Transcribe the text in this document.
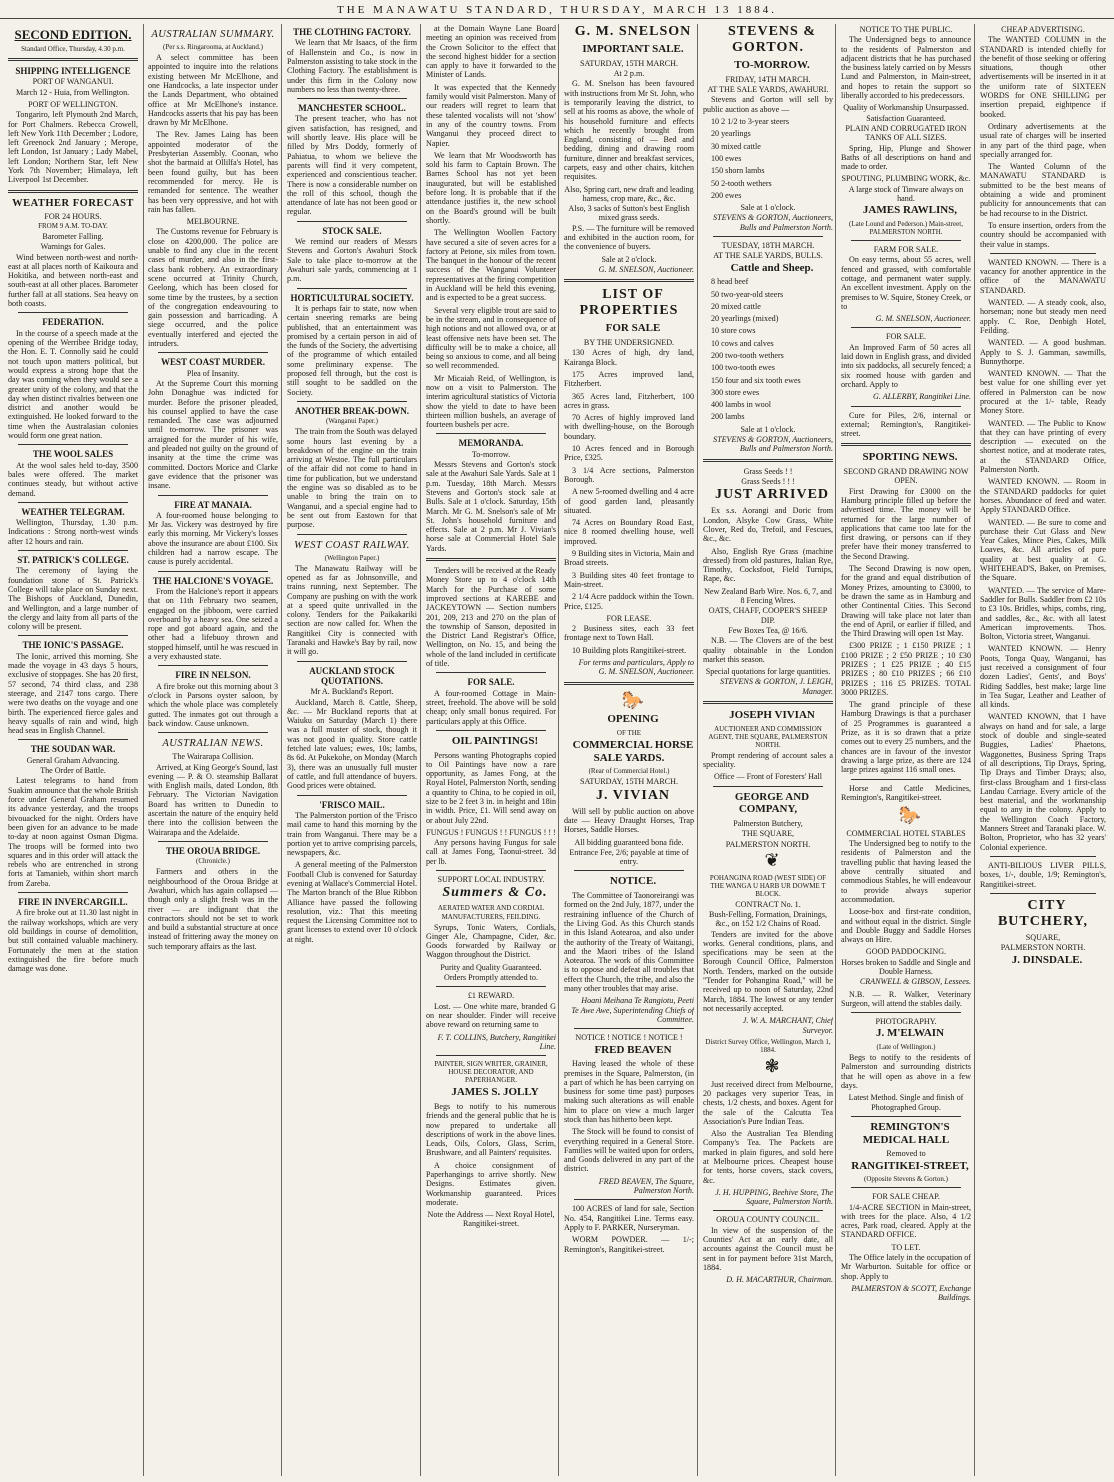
THE MANAWATU STANDARD, THURSDAY, MARCH 13 1884.
SECOND EDITION.

Standard Office, Thursday, 4.30 p.m.

SHIPPING INTELLIGENCE

PORT OF WANGANUI.

March 12 - Huia, from Wellington.

PORT OF WELLINGTON.

Tongariro, left Plymouth 2nd March, for Port Chalmers. Rebecca Crowell, left New York 11th December ; Lodore, left Greenock 2nd January ; Merope, left London, 1st January ; Lady Mabel, left London; Northern Star, left New York 7th November; Himalaya, left Liverpool 1st December.

WEATHER FORECAST

FOR 24 HOURS.

FROM 9 A.M. TO-DAY.

Barometer Falling.

Warnings for Gales.

Wind between north-west and north-east at all places north of Kaikoura and Hokitika, and between north-east and south-east at all other places. Barometer further fall at all stations. Sea heavy on both coasts.

FEDERATION.

In the course of a speech made at the opening of the Werribee Bridge today, the Hon. E. T. Connolly said he could not touch upon matters political, but would express a strong hope that the day was coming when they would see a greater unity of the colony, and that the day when distinct rivalries between one district and another would be extinguished. He looked forward to the time when the Australasian colonies would form one great nation.

THE WOOL SALES

At the wool sales held to-day, 3500 bales were offered. The market continues steady, but without active demand.

WEATHER TELEGRAM.

Wellington, Thursday, 1.30 p.m. Indications : Strong north-west winds after 12 hours and rain.

ST. PATRICK'S COLLEGE.

The ceremony of laying the foundation stone of St. Patrick's College will take place on Sunday next. The Bishops of Auckland, Dunedin, and Wellington, and a large number of the clergy and laity from all parts of the colony will be present.

THE IONIC'S PASSAGE.

The Ionic, arrived this morning. She made the voyage in 43 days 5 hours, exclusive of stoppages. She has 20 first, 57 second, 74 third class, and 238 steerage, and 2147 tons cargo. There were two deaths on the voyage and one birth. The experienced fierce gales and heavy squalls of rain and wind, high head seas in English Channel.

THE SOUDAN WAR.

General Graham Advancing.

The Order of Battle.

Latest telegrams to hand from Suakim announce that the whole British force under General Graham resumed its advance yesterday, and the troops bivouacked for the night. Orders have been given for an advance to be made to-day at noon against Osman Digma. The troops will be formed into two squares and in this order will attack the rebels who are entrenched in strong forts at Tamanieb, within short march from Zareba.

FIRE IN INVERCARGILL.

A fire broke out at 11.30 last night in the railway workshops, which are very old buildings in course of demolition, but still contained valuable machinery. Fortunately the men at the station extinguished the fire before much damage was done.

AUSTRALIAN SUMMARY.

(Per s.s. Ringarooma, at Auckland.)

A select committee has been appointed to inquire into the relations existing between Mr McElhone, and one Handcocks, a late inspector under the Lands Department, who obtained office at Mr McElhone's instance. Handcocks asserts that his pay has been drawn by Mr McElhone.

The Rev. James Laing has been appointed moderator of the Presbyterian Assembly. Coonan, who shot the barmaid at Ollilfa's Hotel, has been found guilty, but has been recommended for mercy. He is remanded for sentence. The weather has been very oppressive, and hot with rain has fallen.

MELBOURNE.

The Customs revenue for February is close on 4200,000. The police are unable to find any clue in the recent cases of murder, and also in the first-class bank robbery. An extraordinary scene occurred at Trinity Church, Geelong, which has been closed for some time by the trustees, by a section of the congregation endeavouring to gain possession and barricading. A siege occurred, and the police eventually interfered and ejected the intruders.

WEST COAST MURDER.

Plea of Insanity.

At the Supreme Court this morning John Donaghue was indicted for murder. Before the prisoner pleaded, his counsel applied to have the case remanded. The case was adjourned until to-morrow. The prisoner was arraigned for the murder of his wife, and pleaded not guilty on the ground of insanity at the time the crime was committed. Doctors Morice and Clarke gave evidence that the prisoner was insane.

FIRE AT MANAIA.

A four-roomed house belonging to Mr Jas. Vickery was destroyed by fire early this morning. Mr Vickery's losses above the insurance are about £100. Six children had a narrow escape. The cause is purely accidental.

THE HALCIONE'S VOYAGE.

From the Halcione's report it appears that on 11th February two seamen, engaged on the jibboom, were carried overboard by a heavy sea. One seized a rope and got aboard again, and the other had a lifebuoy thrown and stopped himself, until he was rescued in a very exhausted state.

FIRE IN NELSON.

A fire broke out this morning about 3 o'clock in Parsons oyster saloon, by which the whole place was completely gutted. The inmates got out through a back window. Cause unknown.

AUSTRALIAN NEWS.

The Wairarapa Collision.

Arrived, at King George's Sound, last evening — P. & O. steamship Ballarat with English mails, dated London, 8th February. The Victorian Navigation Board has written to Dunedin to ascertain the nature of the enquiry held there into the collision between the Wairarapa and the Adelaide.

THE OROUA BRIDGE.

(Chronicle.)

Farmers and others in the neighbourhood of the Oroua Bridge at Awahuri, which has again collapsed — though only a slight fresh was in the river — are indignant that the contractors should not be set to work and build a substantial structure at once instead of frittering away the money on such temporary affairs as the last.

THE CLOTHING FACTORY.

We learn that Mr Isaacs, of the firm of Hallenstein and Co., is now in Palmerston assisting to take stock in the Clothing Factory. The establishment is under this firm in the Colony now numbers no less than twenty-three.

MANCHESTER SCHOOL.

The present teacher, who has not given satisfaction, has resigned, and will shortly leave. His place will be filled by Mrs Doddy, formerly of Pahiatua, to whom we believe the parents will find it very competent, experienced and conscientious teacher. There is now a considerable number on the roll of this school, though the attendance of late has not been good or regular.

STOCK SALE.

We remind our readers of Messrs Stevens and Gorton's Awahuri Stock Sale to take place to-morrow at the Awahuri sale yards, commencing at 1 p.m.

HORTICULTURAL SOCIETY.

It is perhaps fair to state, now when certain sneering remarks are being published, that an entertainment was promised by a certain person in aid of the funds of the Society, the advertising of the programme of which entailed some preliminary expense. The proposed fell through, but the cost is still sought to be saddled on the Society.

ANOTHER BREAK-DOWN.

(Wanganui Paper.)

The train from the South was delayed some hours last evening by a breakdown of the engine on the train arriving at Westoe. The full particulars of the affair did not come to hand in time for publication, but we understand the engine was so disabled as to be unable to bring the train on to Wanganui, and a special engine had to be sent out from Eastown for that purpose.

WEST COAST RAILWAY.

(Wellington Paper.)

The Manawatu Railway will be opened as far as Johnsonville, and trains running, next September. The Company are pushing on with the work at a speed quite unrivalled in the colony. Tenders for the Paikakariki section are now called for. When the Rangitikei City is connected with Taranaki and Hawke's Bay by rail, now it will go.

AUCKLAND STOCK QUOTATIONS.

Mr A. Buckland's Report.

Auckland, March 8. Cattle, Sheep, &c. — Mr Buckland reports that at Waiuku on Saturday (March 1) there was a full muster of stock, though it was not good in quality. Store cattle fetched late values; ewes, 10s; lambs, 8s 6d. At Pukekohe, on Monday (March 3), there was an unusually full muster of cattle, and full attendance of buyers. Good prices were obtained.

'FRISCO MAIL.

The Palmerston portion of the 'Frisco mail came to hand this morning by the train from Wanganui. There may be a portion yet to arrive comprising parcels, newspapers, &c.

A general meeting of the Palmerston Football Club is convened for Saturday evening at Wallace's Commercial Hotel. The Marton branch of the Blue Ribbon Alliance have passed the following resolution, viz.: That this meeting request the Licensing Committee not to grant licenses to extend over 10 o'clock at night.

at the Domain Wayne Lane Board meeting an opinion was received from the Crown Solicitor to the effect that the second highest bidder for a section can apply to have it forwarded to the Minister of Lands.

It was expected that the Kennedy family would visit Palmerston. Many of our readers will regret to learn that these talented vocalists will not 'show' in any of the country towns. From Wanganui they proceed direct to Napier.

We learn that Mr Woodsworth has sold his farm to Captain Brown. The Barnes School has not yet been inaugurated, but will be established before long. It is probable that if the attendance justifies it, the new school on the Board's ground will be built shortly.

The Wellington Woollen Factory have secured a site of seven acres for a factory at Petone, six miles from town. The banquet in the honour of the recent success of the Wanganui Volunteer representatives at the firing competition in Auckland will be held this evening, and is expected to be a great success.

Several very eligible trout are said to be in the stream, and in consequence of high notions and not allowed ova, or at least offensive nets have been set. The difficulty will be to make a choice, all being so anxious to come, and all being so well recommended.

Mr Micaiah Reid, of Wellington, is now on a visit to Palmerston. The interim agricultural statistics of Victoria show the yield to date to have been thirteen million bushels, an average of fourteen bushels per acre.

MEMORANDA.

To-morrow.

Messrs Stevens and Gorton's stock sale at the Awahuri Sale Yards. Sale at 1 p.m. Tuesday, 18th March. Messrs Stevens and Gorton's stock sale at Bulls. Sale at 1 o'clock. Saturday, 15th March. Mr G. M. Snelson's sale of Mr St. John's household furniture and effects. Sale at 2 p.m. Mr J. Vivian's horse sale at Commercial Hotel Sale Yards.

Tenders will be received at the Ready Money Store up to 4 o'clock 14th March for the Purchase of some improved sections at KAREBE and JACKEYTOWN — Section numbers 201, 209, 213 and 270 on the plan of the township of Sanson, deposited in the District Land Registrar's Office, Wellington, on No. 15, and being the whole of the land included in certificate of title.

FOR SALE.

A four-roomed Cottage in Main-street, freehold. The above will be sold cheap; only small bonus required. For particulars apply at this Office.

OIL PAINTINGS!

Persons wanting Photographs copied to Oil Paintings have now a rare opportunity, as James Fong, at the Royal Hotel, Palmerston North, sending a quantity to China, to be copied in oil, size to be 2 feet 3 in. in height and 18in in width. Price, £1. Will send away on or about July 22nd.

FUNGUS ! FUNGUS ! ! FUNGUS ! ! !

Any persons having Fungus for sale call at James Fong, Taonui-street. 3d per lb.

SUPPORT LOCAL INDUSTRY.

Summers & Co.

AERATED WATER AND CORDIAL MANUFACTURERS, FEILDING.

Syrups, Tonic Waters, Cordials, Ginger Ale, Champagne, Cider, &c. Goods forwarded by Railway or Waggon throughout the District.

Purity and Quality Guaranteed.

Orders Promptly attended to.

£1 REWARD.

Lost. — One white mare, branded G on near shoulder. Finder will receive above reward on returning same to

F. T. COLLINS, Butchery, Rangitikei Line.

PAINTER, SIGN WRITER, GRAINER, HOUSE DECORATOR, AND PAPERHANGER.

JAMES S. JOLLY

Begs to notify to his numerous friends and the general public that he is now prepared to undertake all descriptions of work in the above lines. Leads, Oils, Colors, Glass, Scrim, Brushware, and all Painters' requisites.

A choice consignment of Paperhangings to arrive shortly. New Designs. Estimates given. Workmanship guaranteed. Prices moderate.

Note the Address — Next Royal Hotel, Rangitikei-street.

G. M. SNELSON

IMPORTANT SALE.

SATURDAY, 15TH MARCH.

At 2 p.m.

G. M. Snelson has been favoured with instructions from Mr St. John, who is temporarily leaving the district, to sell at his rooms as above, the whole of his household furniture and effects which he recently brought from England, consisting of — Bed and bedding, dining and drawing room furniture, dinner and breakfast services, carpets, easy and other chairs, kitchen requisites.

Also, Spring cart, new draft and leading harness, crop mare, &c., &c.

Also, 3 sacks of Sutton's best English mixed grass seeds.

P.S. — The furniture will be removed and exhibited in the auction room, for the convenience of buyers.

Sale at 2 o'clock.

G. M. SNELSON, Auctioneer.

LIST OF PROPERTIES

FOR SALE

BY THE UNDERSIGNED.

130 Acres of high, dry land, Kairanga Block.

175 Acres improved land, Fitzherbert.

365 Acres land, Fitzherbert, 100 acres in grass.

70 Acres of highly improved land with dwelling-house, on the Borough boundary.

10 Acres fenced and in Borough Price, £325.

3 1/4 Acre sections, Palmerston Borough.

A new 5-roomed dwelling and 4 acre of good garden land, pleasantly situated.

74 Acres on Boundary Road East, nice 8 roomed dwelling house, well improved.

9 Building sites in Victoria, Main and Broad streets.

3 Building sites 40 feet frontage to Main-street.

2 1/4 Acre paddock within the Town. Price, £125.

FOR LEASE.

2 Business sites, each 33 feet frontage next to Town Hall.

10 Building plots Rangitikei-street.

For terms and particulars, Apply to G. M. SNELSON, Auctioneer.

🐎

OPENING

OF THE

COMMERCIAL HORSE SALE YARDS.

(Rear of Commercial Hotel.)

SATURDAY, 15TH MARCH.

J. VIVIAN

Will sell by public auction on above date — Heavy Draught Horses, Trap Horses, Saddle Horses.

All bidding guaranteed bona fide.

Entrance Fee, 2/6; payable at time of entry.

NOTICE.

The Committee of Taonoreirangi was formed on the 2nd July, 1877, under the restraining influence of the Church of the Living God. As this Church stands in this Island Aotearoa, and also under the authority of the Treaty of Waitangi, and the Maori tribes of the Island Aotearoa. The work of this Committee is to oppose and defeat all troubles that effect the Church, the tribe, and also the many other troubles that may arise.

Hoani Meihana Te Rangiotu, Peeti Te Awe Awe, Superintending Chiefs of Committee.

NOTICE ! NOTICE ! NOTICE !

FRED BEAVEN

Having leased the whole of these premises in the Square, Palmerston, (in a part of which he has been carrying on business for some time past) purposes making such alterations as will enable him to place on view a much larger stock than has hitherto been kept.

The Stock will be found to consist of everything required in a General Store. Families will be waited upon for orders, and Goods delivered in any part of the district.

FRED BEAVEN, The Square, Palmerston North.

100 ACRES of land for sale, Section No. 454, Rangitikei Line. Terms easy. Apply to F. PARKER, Nurseryman.

WORM POWDER. — 1/-; Remington's, Rangitikei-street.

STEVENS & GORTON.

TO-MORROW.

FRIDAY, 14TH MARCH.

AT THE SALE YARDS, AWAHURI.

Stevens and Gorton will sell by public auction as above —

10 2 1/2 to 3-year steers

20 yearlings

30 mixed cattle

100 ewes

150 shorn lambs

50 2-tooth wethers

200 ewes

Sale at 1 o'clock.

STEVENS & GORTON, Auctioneers, Bulls and Palmerston North.

TUESDAY, 18TH MARCH.

AT THE SALE YARDS, BULLS.

Cattle and Sheep.

8 head beef

50 two-year-old steers

20 mixed cattle

20 yearlings (mixed)

10 store cows

10 cows and calves

200 two-tooth wethers

100 two-tooth ewes

150 four and six tooth ewes

300 store ewes

400 lambs in wool

200 lambs

Sale at 1 o'clock.

STEVENS & GORTON, Auctioneers, Bulls and Palmerston North.

Grass Seeds ! !

Grass Seeds ! ! !

JUST ARRIVED

Ex s.s. Aorangi and Doric from London, Alsyke Cow Grass, White Clover, Red do, Trefoil, and Fescues, &c., &c.

Also, English Rye Grass (machine dressed) from old pastures, Italian Rye, Timothy, Cocksfoot, Field Turnips, Rape, &c.

New Zealand Barb Wire. Nos. 6, 7, and 8 Fencing Wires.

OATS, CHAFF, COOPER'S SHEEP DIP.

Few Boxes Tea, @ 16/6.

N.B. — The Clovers are of the best quality obtainable in the London market this season.

Special quotations for large quantities.

STEVENS & GORTON, J. LEIGH, Manager.

JOSEPH VIVIAN

AUCTIONEER AND COMMISSION AGENT, THE SQUARE, PALMERSTON NORTH.

Prompt rendering of account sales a speciality.

Office — Front of Foresters' Hall

GEORGE AND COMPANY,

Palmerston Butchery,

THE SQUARE,

PALMERSTON NORTH.

❦

POHANGINA ROAD (WEST SIDE) OF THE WANGA U HARB UR DOWME T BLOCK.

CONTRACT No. 1.

Bush-Felling, Formation, Drainings, &c., on 152 1/2 Chains of Road.

Tenders are invited for the above works. General conditions, plans, and specifications may be seen at the Borough Council Office, Palmerston North. Tenders, marked on the outside "Tender for Pohangina Road," will be received up to noon of Saturday, 22nd March, 1884. The lowest or any tender not necessarily accepted.

J. W. A. MARCHANT, Chief Surveyor.

District Survey Office, Wellington, March 1, 1884.

❃

Just received direct from Melbourne, 20 packages very superior Teas, in chests, 1/2 chests, and boxes. Agent for the sale of the Calcutta Tea Association's Pure Indian Teas.

Also the Australian Tea Blending Company's Tea. The Packets are marked in plain figures, and sold here at Melbourne prices. Cheapest house for tents, horse covers, stack covers, &c.

J. H. HUPPING, Beehive Store, The Square, Palmerston North.

OROUA COUNTY COUNCIL.

In view of the suspension of the Counties' Act at an early date, all accounts against the Council must be sent in for payment before 31st March, 1884.

D. H. MACARTHUR, Chairman.

NOTICE TO THE PUBLIC.

The Undersigned begs to announce to the residents of Palmerston and adjacent districts that he has purchased the business lately carried on by Messrs Lund and Palmerston, in Main-street, and hopes to retain the support so liberally accorded to his predecessors.

Quality of Workmanship Unsurpassed.

Satisfaction Guaranteed.

PLAIN AND CORRUGATED IRON TANKS OF ALL SIZES.

Spring, Hip, Plunge and Shower Baths of all descriptions on hand and made to order.

SPOUTING, PLUMBING WORK, &c.

A large stock of Tinware always on hand.

JAMES RAWLINS,

(Late Lound and Pederson.) Main-street, PALMERSTON NORTH.

FARM FOR SALE.

On easy terms, about 55 acres, well fenced and grassed, with comfortable cottage, and permanent water supply. An excellent investment. Apply on the premises to W. Squire, Stoney Creek, or to

G. M. SNELSON, Auctioneer.

FOR SALE.

An Improved Farm of 50 acres all laid down in English grass, and divided into six paddocks, all securely fenced; a six roomed house with garden and orchard. Apply to

G. ALLERBY, Rangitikei Line.

Cure for Piles, 2/6, internal or external; Remington's, Rangitikei-street.

SPORTING NEWS.

SECOND GRAND DRAWING NOW OPEN.

First Drawing for £3000 on the Hamburg principle filled up before the advertised time. The money will be returned for the large number of applications that came too late for the first drawing, or persons can if they prefer have their money transferred to the Second Drawing.

The Second Drawing is now open, for the grand and equal distribution of Money Prizes, amounting to £3000, to be drawn the same as in Hamburg and other Continental Cities. This Second Drawing will take place not later than the end of April, or earlier if filled, and the Third Drawing will open 1st May.

£300 PRIZE ; 1 £150 PRIZE ; 1 £100 PRIZE ; 2 £50 PRIZE ; 10 £30 PRIZES ; 1 £25 PRIZE ; 40 £15 PRIZES ; 80 £10 PRIZES ; 66 £10 PRIZES ; 116 £5 PRIZES. TOTAL 3000 PRIZES.

The grand principle of these Hamburg Drawings is that a purchaser of 25 Programmes is guaranteed a Prize, as it is so drawn that a prize comes out to every 25 numbers, and the chances are in favour of the investor drawing a large prize, as there are 124 large prizes against 116 small ones.

Horse and Cattle Medicines, Remington's, Rangitikei-street.

🐎

COMMERCIAL HOTEL STABLES

The Undersigned beg to notify to the residents of Palmerston and the travelling public that having leased the above centrally situated and commodious Stables, he will endeavour to provide always superior accommodation.

Loose-box and first-rate condition, and without equal in the district. Single and Double Buggy and Saddle Horses always on Hire.

GOOD PADDOCKING.

Horses broken to Saddle and Single and Double Harness.

CRANWELL & GIBSON, Lessees.

N.B. — R. Walker, Veterinary Surgeon, will attend the stables daily.

PHOTOGRAPHY.

J. M'ELWAIN

(Late of Wellington.)

Begs to notify to the residents of Palmerston and surrounding districts that he will open as above in a few days.

Latest Method. Single and finish of Photographed Group.

REMINGTON'S MEDICAL HALL

Removed to

RANGITIKEI-STREET,

(Opposite Stevens & Gorton.)

FOR SALE CHEAP.

1/4-ACRE SECTION in Main-street, with trees for the place. Also, 4 1/2 acres, Park road, cleared. Apply at the STANDARD OFFICE.

TO LET.

The Office lately in the occupation of Mr Warburton. Suitable for office or shop. Apply to

PALMERSTON & SCOTT, Exchange Buildings.

CHEAP ADVERTISING.

The WANTED COLUMN in the STANDARD is intended chiefly for the benefit of those seeking or offering situations, though other advertisements will be inserted in it at the uniform rate of SIXTEEN WORDS for ONE SHILLING per insertion prepaid, eightpence if booked.

Ordinary advertisements at the usual rate of charges will be inserted in any part of the third page, when specially arranged for.

The Wanted Column of the MANAWATU STANDARD is submitted to be the best means of obtaining a wide and prominent publicity for announcements that can be had recourse to in the District.

To ensure insertion, orders from the country should be accompanied with their value in stamps.

WANTED KNOWN. — There is a vacancy for another apprentice in the office of the MANAWATU STANDARD.

WANTED. — A steady cook, also, horseman; none but steady men need apply. C. Roe, Denbigh Hotel, Feilding.

WANTED. — A good bushman. Apply to S. J. Gamman, sawmills, Bunnythorpe.

WANTED KNOWN. — That the best value for one shilling ever yet offered in Palmerston can be now procured at the 1/- table, Ready Money Store.

WANTED. — The Public to Know that they can have printing of every description — executed on the shortest notice, and at moderate rates, at the STANDARD Office, Palmerston North.

WANTED KNOWN. — Room in the STANDARD paddocks for quiet horses. Abundance of feed and water. Apply STANDARD Office.

WANTED. — Be sure to come and purchase their Cut Glass and New Year Cakes, Mince Pies, Cakes, Milk Loaves, &c. All articles of pure quality at best quality at G. WHITEHEAD'S, Baker, on Premises, the Square.

WANTED. — The service of Mare-Saddler for Bulls. Saddler from £2 10s to £3 10s. Bridles, whips, combs, ring, and saddles, &c., &c. with all latest American improvements. Thos. Bolton, Victoria street, Wanganui.

WANTED KNOWN. — Henry Poots, Tonga Quay, Wanganui, has just received a consignment of four dozen Ladies', Gents', and Boys' Riding Saddles, best make; large line in Tea Sugar, Leather and Leather of all kinds.

WANTED KNOWN, that I have always on hand and for sale, a large stock of double and single-seated Buggies, Ladies' Phaetons, Waggonettes, Business Spring Traps of all descriptions, Tip Drays, Spring, Tip Drays and Timber Drays; also, first-class Brougham and 1 first-class Landau Carriage. Every article of the best material, and the workmanship equal to any in the colony. Apply to the Wellington Coach Factory, Manners Street and Taranaki place. W. Bolton, Proprietor, who has 32 years' Colonial experience.

ANTI-BILIOUS LIVER PILLS, boxes, 1/-, double, 1/9; Remington's, Rangitikei-street.

CITY BUTCHERY,

SQUARE,

PALMERSTON NORTH.

J. DINSDALE.
